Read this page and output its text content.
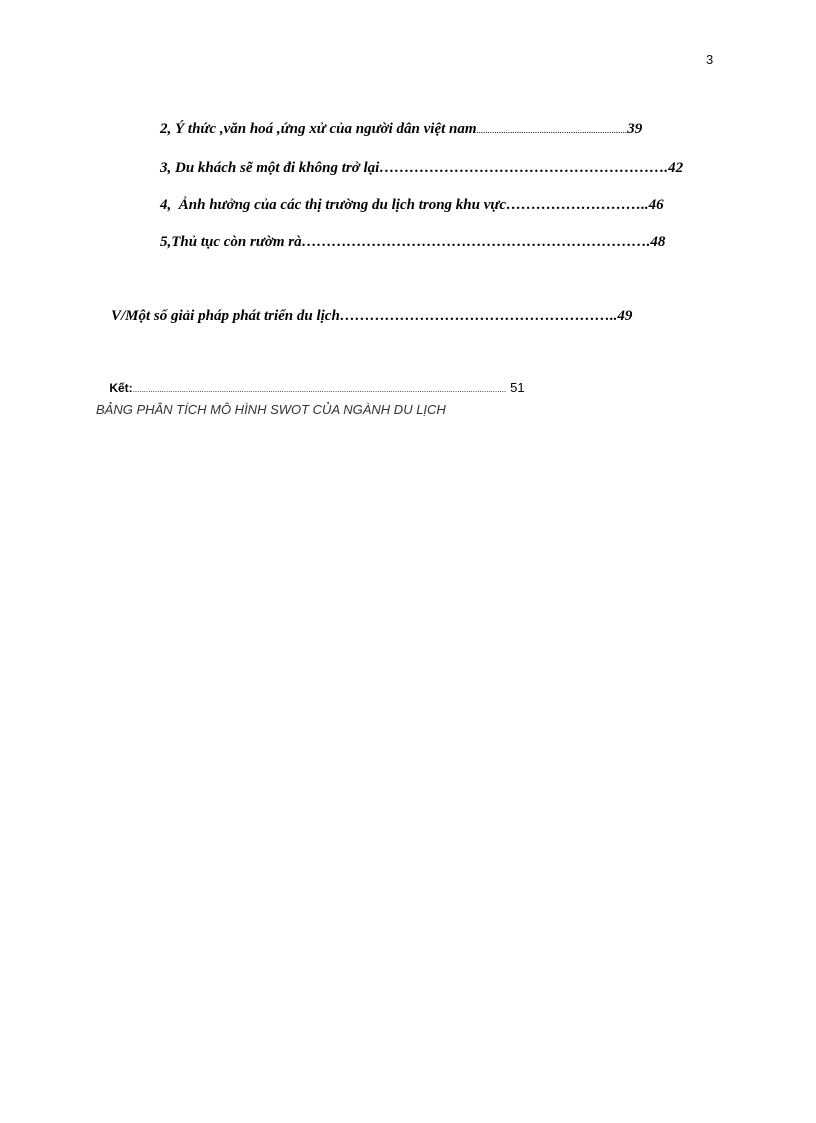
3

2, Ý thức ,văn hoá ,ứng xử của người dân việt nam...................................................................39

3, Du khách sẽ một đi không trở lại………………………………………………….42

4,  Ảnh hưởng của các thị trường du lịch trong khu vực………………………..46

5,Thủ tục còn rườm rà…………………………………………………………….48

V/Một số giải pháp phát triển du lịch………………………………………………..49

Kết:........................................................................................................................................................................ 51

BẢNG PHÂN TÍCH MÔ HÌNH SWOT CỦA NGÀNH DU LỊCH
